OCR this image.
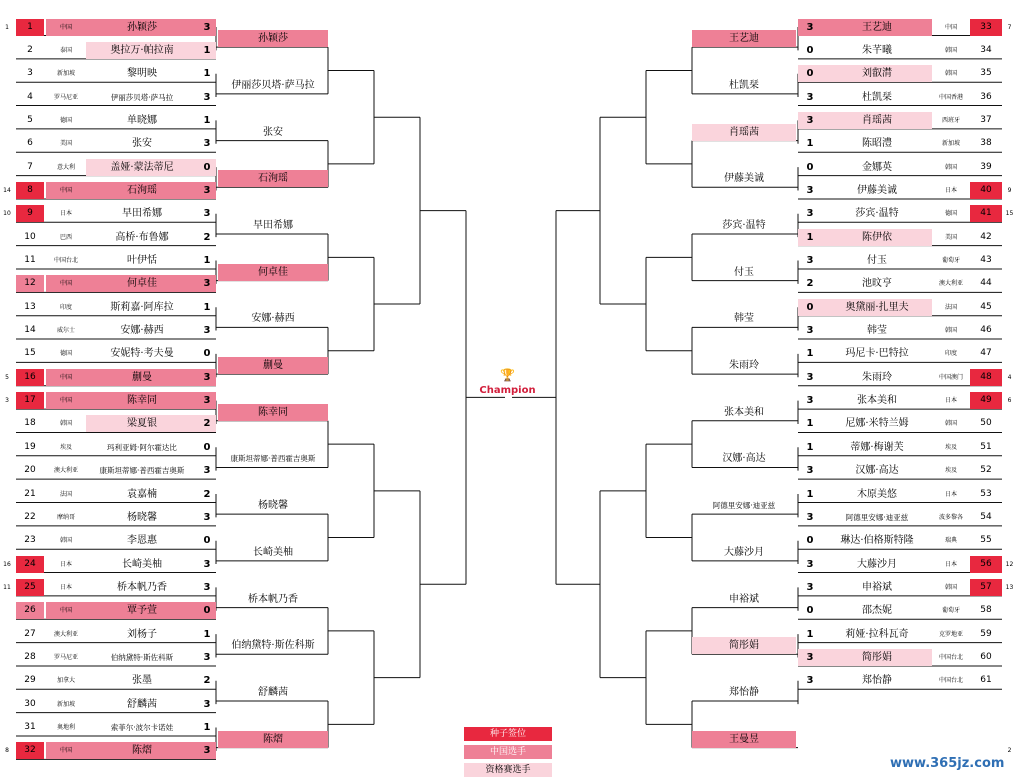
1	1	中国	孙颖莎	3
2	泰国	奥拉万·帕拉南	1
3	新加坡	黎明映	1
4	罗马尼亚	伊丽莎贝塔·萨马拉	3
5	德国	单晓娜	1
6	美国	张安	3
7	意大利	盖娅·蒙法蒂尼	0
14	8	中国	石洵瑶	3
10	9	日本	早田希娜	3
10	巴西	高桥·布鲁娜	2
11	中国台北	叶伊恬	1
12	中国	何卓佳	3
13	印度	斯莉嘉·阿库拉	1
14	威尔士	安娜·赫西	3
15	德国	安妮特·考夫曼	0
5	16	中国	蒯曼	3
3	17	中国	陈幸同	3
18	韩国	梁夏银	2
19	埃及	玛利亚姆·阿尔霍达比	0
20	澳大利亚	康斯坦蒂娜·普西霍吉奥斯	3
21	法国	袁嘉楠	2
22	摩纳哥	杨晓馨	3
23	韩国	李恩惠	0
16	24	日本	长崎美柚	3
11	25	日本	桥本帆乃香	3
26	中国	覃予萱	0
27	澳大利亚	刘杨子	1
28	罗马尼亚	伯纳黛特·斯佐科斯	3
29	加拿大	张墨	2
30	新加坡	舒麟茜	3
31	奥地利	索菲尔·波尔卡诺娃	1
8	32	中国	陈熠	3
孙颖莎
伊丽莎贝塔·萨马拉
张安
石洵瑶
早田希娜
何卓佳
安娜·赫西
蒯曼
陈幸同
康斯坦蒂娜·普西霍吉奥斯
杨晓馨
长崎美柚
桥本帆乃香
伯纳黛特·斯佐科斯
舒麟茜
陈熠
3	王艺迪	中国	33	7
0	朱芊曦	韩国	34
0	刘叡潸	韩国	35
3	杜凯栞	中国香港	36
3	肖瑶茜	西班牙	37
1	陈昭澧	新加坡	38
0	金娜英	韩国	39
3	伊藤美诚	日本	40	9
3	莎宾·温特	德国	41	15
1	陈伊依	美国	42
3	付玉	葡萄牙	43
2	池旼亨	澳大利亚	44
0	奥黛丽·扎里夫	法国	45
3	韩莹	韩国	46
1	玛尼卡·巴特拉	印度	47
3	朱雨玲	中国澳门	48	4
3	张本美和	日本	49	6
1	尼娜·米特兰姆	韩国	50
1	蒂娜·梅谢芙	埃及	51
3	汉娜·高达	埃及	52
1	木原美悠	日本	53
3	阿德里安娜·迪亚兹	波多黎各	54
0	琳达·伯格斯特隆	瑞典	55
3	大藤沙月	日本	56	12
3	申裕斌	韩国	57	13
0	邵杰妮	葡萄牙	58
1	莉娅·拉科瓦奇	克罗地亚	59
3	简彤娟	中国台北	60
3	郑怡静	中国台北	61
2
王艺迪
杜凯栞
肖瑶茜
伊藤美诚
莎宾·温特
付玉
韩莹
朱雨玲
张本美和
汉娜·高达
阿德里安娜·迪亚兹
大藤沙月
申裕斌
简彤娟
郑怡静
王曼昱
种子签位
中国选手
资格赛选手
🏆
Champion
www.365jz.com
